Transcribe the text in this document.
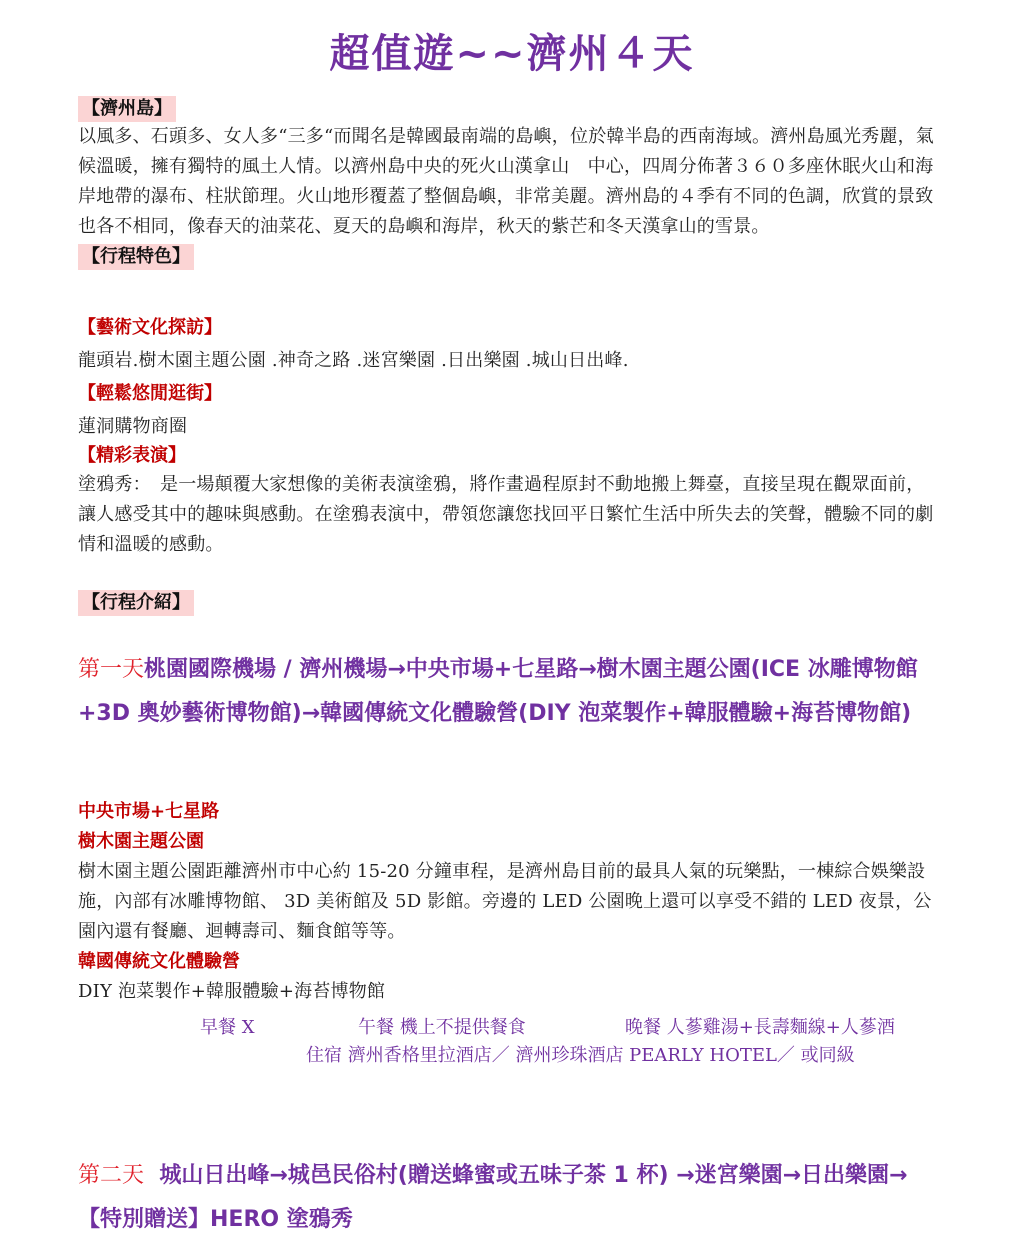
超值遊~~濟州４天
【濟州島】

以風多、石頭多、女人多“三多“而聞名是韓國最南端的島嶼，位於韓半島的西南海域。濟州島風光秀麗，氣候溫暖，擁有獨特的風土人情。以濟州島中央的死火山漢拿山　中心，四周分佈著３６０多座休眠火山和海岸地帶的瀑布、柱狀節理。火山地形覆蓋了整個島嶼，非常美麗。濟州島的４季有不同的色調，欣賞的景致也各不相同，像春天的油菜花、夏天的島嶼和海岸，秋天的紫芒和冬天漢拿山的雪景。

【行程特色】
【藝術文化探訪】

龍頭岩.樹木園主題公園 .神奇之路 .迷宮樂園 .日出樂園 .城山日出峰.

【輕鬆悠閒逛街】

蓮洞購物商圈

【精彩表演】

塗鴉秀：　是一場顛覆大家想像的美術表演塗鴉，將作畫過程原封不動地搬上舞臺，直接呈現在觀眾面前，讓人感受其中的趣味與感動。在塗鴉表演中，帶領您讓您找回平日繁忙生活中所失去的笑聲，體驗不同的劇情和溫暖的感動。

【行程介紹】

第一天桃園國際機場 / 濟州機場→中央市場+七星路→樹木園主題公園(ICE 冰雕博物館+3D 奧妙藝術博物館)→韓國傳統文化體驗營(DIY 泡菜製作+韓服體驗+海苔博物館)

中央市場+七星路
樹木園主題公園

樹木園主題公園距離濟州市中心約 15-20 分鐘車程，是濟州島目前的最具人氣的玩樂點，一棟綜合娛樂設施，內部有冰雕博物館、 3D 美術館及 5D 影館。旁邊的 LED 公園晚上還可以享受不錯的 LED 夜景，公園內還有餐廳、迴轉壽司、麵食館等等。

韓國傳統文化體驗營

DIY 泡菜製作+韓服體驗+海苔博物館

早餐 X	午餐 機上不提供餐食	晚餐 人蔘雞湯+長壽麵線+人蔘酒
住宿 濟州香格里拉酒店／ 濟州珍珠酒店 PEARLY HOTEL／ 或同級

第二天 城山日出峰→城邑民俗村(贈送蜂蜜或五味子茶 1 杯) →迷宮樂園→日出樂園→【特別贈送】HERO 塗鴉秀
